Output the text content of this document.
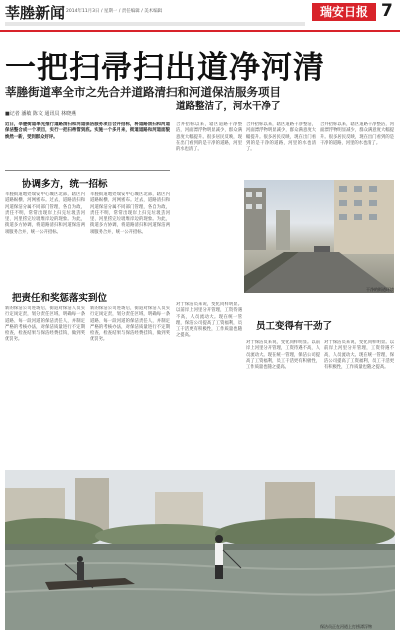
莘塍新闻 2014年11月3日 / 星期一 / 责任编辑 / 美术编辑	瑞安日报 7
一把扫帚扫出道净河清
莘塍街道率全市之先合并道路清扫和河道保洁服务项目
■记者 潘敏 陈文 通讯员 林晓燕
近日，莘塍街道率先推行道路清扫和河道保洁服务项目合并招标，将道路清扫和河道保洁整合成一个项目，实行一把扫帚管到底。实施一个多月来，街道道路和河道面貌焕然一新，受到群众好评。
协调多方，统一招标
莘塍街道地处瑞安中心城区北部，辖区内道路纵横、河网密布。过去，道路清扫和河道保洁分属不同部门管理，各自为政，责任不明，常常出现岸上扫完垃圾丢河里、河里捞完垃圾堆岸边的现象。为此，街道多方协调，将道路清扫和河道保洁两项服务合并，统一公开招标。
莘塍街道地处瑞安中心城区北部，辖区内道路纵横、河网密布。过去，道路清扫和河道保洁分属不同部门管理，各自为政，责任不明，常常出现岸上扫完垃圾丢河里、河里捞完垃圾堆岸边的现象。为此，街道多方协调，将道路清扫和河道保洁两项服务合并，统一公开招标。
把责任和奖惩落实到位
新的保洁公司进场后，街道对保洁人员实行定岗定责，划分责任区域，明确每一条道路、每一段河道的保洁责任人，并制定严格的考核办法，对保洁质量进行不定期检查，检查结果与保洁经费挂钩，做到奖优罚劣。
新的保洁公司进场后，街道对保洁人员实行定岗定责，划分责任区域，明确每一条道路、每一段河道的保洁责任人，并制定严格的考核办法，对保洁质量进行不定期检查，检查结果与保洁经费挂钩，做到奖优罚劣。
道路整洁了，河水干净了
合并招标以来，辖区道路干净整洁，河面漂浮物明显减少，群众满意度大幅提升。很多居民反映，现在出门看到的是干净的道路，河里的水也清了。
合并招标以来，辖区道路干净整洁，河面漂浮物明显减少，群众满意度大幅提升。很多居民反映，现在出门看到的是干净的道路，河里的水也清了。
合并招标以来，辖区道路干净整洁，河面漂浮物明显减少，群众满意度大幅提升。很多居民反映，现在出门看到的是干净的道路，河里的水也清了。
干净的街道环境
员工变得有干劲了
对于保洁员来说，变化同样明显。以前岸上河里分开管理，工资待遇不高，人员流动大。现在统一管理，保洁公司提高了工资福利，员工干活更有积极性，工作质量也随之提高。
对于保洁员来说，变化同样明显。以前岸上河里分开管理，工资待遇不高，人员流动大。现在统一管理，保洁公司提高了工资福利，员工干活更有积极性，工作质量也随之提高。
对于保洁员来说，变化同样明显。以前岸上河里分开管理，工资待遇不高，人员流动大。现在统一管理，保洁公司提高了工资福利，员工干活更有积极性，工作质量也随之提高。
保洁员正在河道上打捞漂浮物
